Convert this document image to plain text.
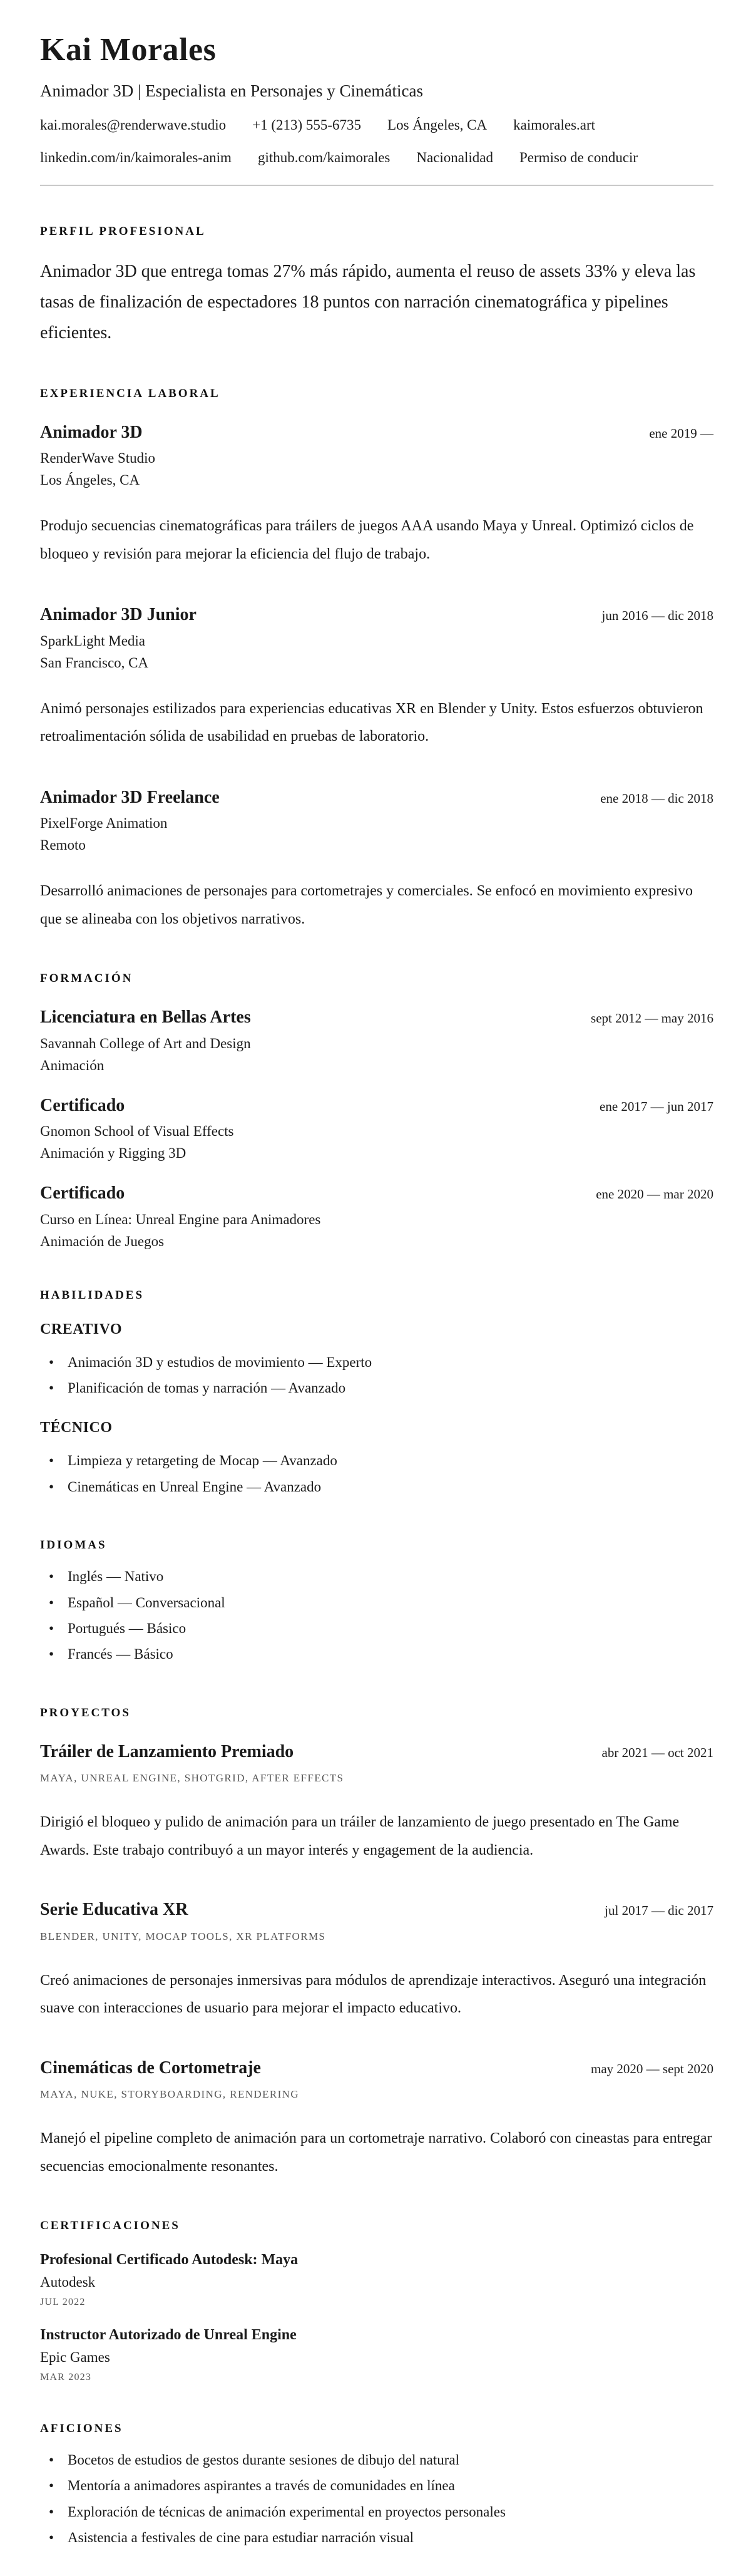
Kai Morales
Animador 3D | Especialista en Personajes y Cinemáticas
kai.morales@renderwave.studio +1 (213) 555-6735 Los Ángeles, CA kaimorales.art
linkedin.com/in/kaimorales-anim github.com/kaimorales Nacionalidad Permiso de conducir
PERFIL PROFESIONAL

Animador 3D que entrega tomas 27% más rápido, aumenta el reuso de assets 33% y eleva las tasas de finalización de espectadores 18 puntos con narración cinematográfica y pipelines eficientes.

EXPERIENCIA LABORAL
Animador 3D	ene 2019 —
RenderWave Studio
Los Ángeles, CA

Produjo secuencias cinematográficas para tráilers de juegos AAA usando Maya y Unreal. Optimizó ciclos de bloqueo y revisión para mejorar la eficiencia del flujo de trabajo.

Animador 3D Junior	jun 2016 — dic 2018
SparkLight Media
San Francisco, CA

Animó personajes estilizados para experiencias educativas XR en Blender y Unity. Estos esfuerzos obtuvieron retroalimentación sólida de usabilidad en pruebas de laboratorio.

Animador 3D Freelance	ene 2018 — dic 2018
PixelForge Animation
Remoto

Desarrolló animaciones de personajes para cortometrajes y comerciales. Se enfocó en movimiento expresivo que se alineaba con los objetivos narrativos.

FORMACIÓN
Licenciatura en Bellas Artes	sept 2012 — may 2016
Savannah College of Art and Design
Animación
Certificado	ene 2017 — jun 2017
Gnomon School of Visual Effects
Animación y Rigging 3D
Certificado	ene 2020 — mar 2020
Curso en Línea: Unreal Engine para Animadores
Animación de Juegos
HABILIDADES
CREATIVO
• Animación 3D y estudios de movimiento — Experto
• Planificación de tomas y narración — Avanzado
TÉCNICO
• Limpieza y retargeting de Mocap — Avanzado
• Cinemáticas en Unreal Engine — Avanzado
IDIOMAS
• Inglés — Nativo
• Español — Conversacional
• Portugués — Básico
• Francés — Básico
PROYECTOS
Tráiler de Lanzamiento Premiado	abr 2021 — oct 2021
MAYA, UNREAL ENGINE, SHOTGRID, AFTER EFFECTS

Dirigió el bloqueo y pulido de animación para un tráiler de lanzamiento de juego presentado en The Game Awards. Este trabajo contribuyó a un mayor interés y engagement de la audiencia.

Serie Educativa XR	jul 2017 — dic 2017
BLENDER, UNITY, MOCAP TOOLS, XR PLATFORMS

Creó animaciones de personajes inmersivas para módulos de aprendizaje interactivos. Aseguró una integración suave con interacciones de usuario para mejorar el impacto educativo.

Cinemáticas de Cortometraje	may 2020 — sept 2020
MAYA, NUKE, STORYBOARDING, RENDERING

Manejó el pipeline completo de animación para un cortometraje narrativo. Colaboró con cineastas para entregar secuencias emocionalmente resonantes.

CERTIFICACIONES
Profesional Certificado Autodesk: Maya
Autodesk
JUL 2022
Instructor Autorizado de Unreal Engine
Epic Games
MAR 2023
AFICIONES
• Bocetos de estudios de gestos durante sesiones de dibujo del natural
• Mentoría a animadores aspirantes a través de comunidades en línea
• Exploración de técnicas de animación experimental en proyectos personales
• Asistencia a festivales de cine para estudiar narración visual
